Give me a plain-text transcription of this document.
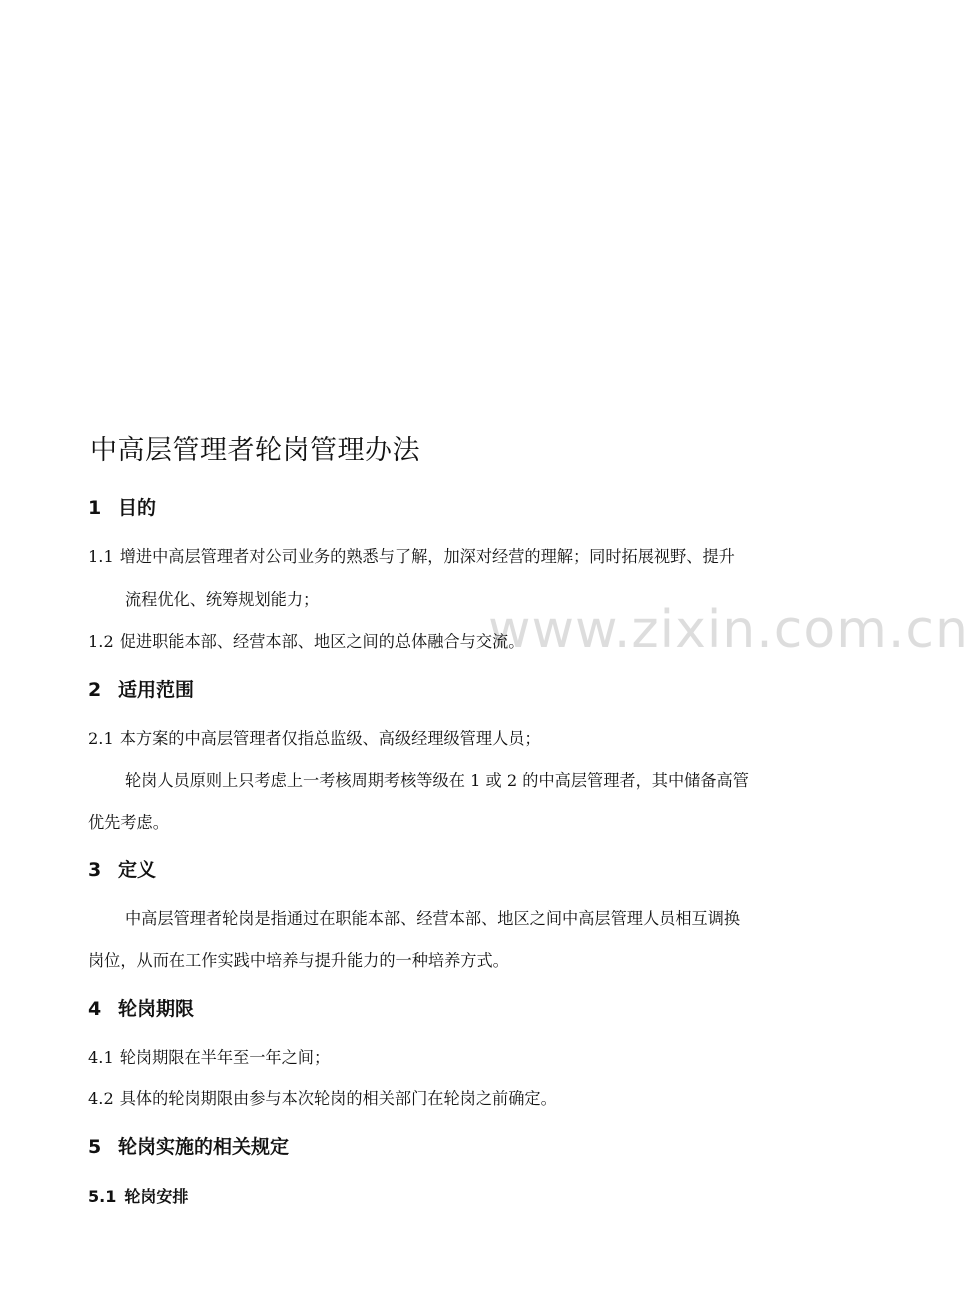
www.zixin.com.cn
中高层管理者轮岗管理办法
1 目的
1.1 增进中高层管理者对公司业务的熟悉与了解，加深对经营的理解；同时拓展视野、提升
流程优化、统筹规划能力；
1.2 促进职能本部、经营本部、地区之间的总体融合与交流。
2 适用范围
2.1 本方案的中高层管理者仅指总监级、高级经理级管理人员；
轮岗人员原则上只考虑上一考核周期考核等级在 1 或 2 的中高层管理者，其中储备高管
优先考虑。
3 定义
中高层管理者轮岗是指通过在职能本部、经营本部、地区之间中高层管理人员相互调换
岗位，从而在工作实践中培养与提升能力的一种培养方式。
4 轮岗期限
4.1 轮岗期限在半年至一年之间；
4.2 具体的轮岗期限由参与本次轮岗的相关部门在轮岗之前确定。
5 轮岗实施的相关规定
5.1 轮岗安排
